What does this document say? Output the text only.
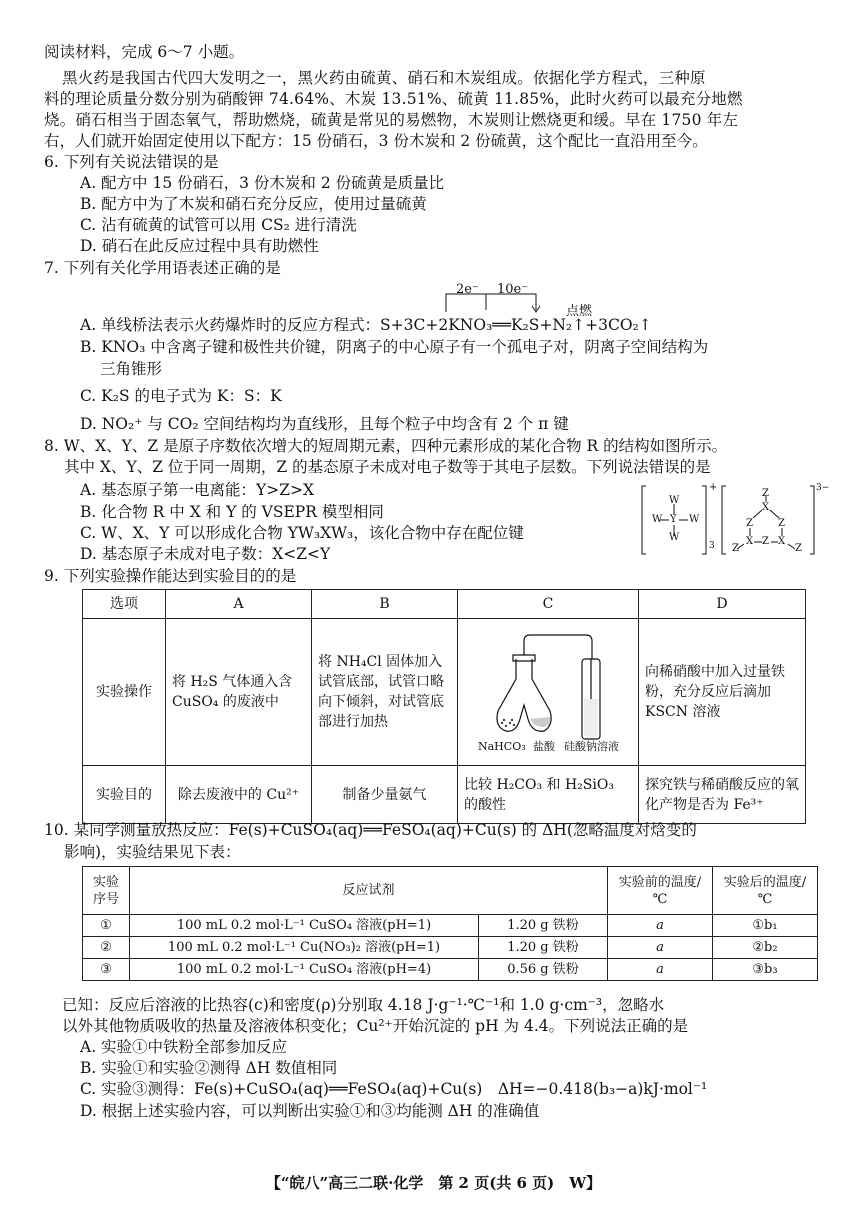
阅读材料，完成 6～7 小题。
黑火药是我国古代四大发明之一，黑火药由硫黄、硝石和木炭组成。依据化学方程式，三种原
料的理论质量分数分别为硝酸钾 74.64%、木炭 13.51%、硫黄 11.85%，此时火药可以最充分地燃
烧。硝石相当于固态氧气，帮助燃烧，硫黄是常见的易燃物，木炭则让燃烧更和缓。早在 1750 年左
右，人们就开始固定使用以下配方：15 份硝石，3 份木炭和 2 份硫黄，这个配比一直沿用至今。
6. 下列有关说法错误的是
A. 配方中 15 份硝石，3 份木炭和 2 份硫黄是质量比
B. 配方中为了木炭和硝石充分反应，使用过量硫黄
C. 沾有硫黄的试管可以用 CS₂ 进行清洗
D. 硝石在此反应过程中具有助燃性
7. 下列有关化学用语表述正确的是
2e⁻ 10e⁻
点燃
A. 单线桥法表示火药爆炸时的反应方程式：S+3C+2KNO₃══K₂S+N₂↑+3CO₂↑
B. KNO₃ 中含离子键和极性共价键，阴离子的中心原子有一个孤电子对，阴离子空间结构为
三角锥形
C. K₂S 的电子式为 K：S：K
D. NO₂⁺ 与 CO₂ 空间结构均为直线形，且每个粒子中均含有 2 个 π 键
8. W、X、Y、Z 是原子序数依次增大的短周期元素，四种元素形成的某化合物 R 的结构如图所示。
其中 X、Y、Z 位于同一周期，Z 的基态原子未成对电子数等于其电子层数。下列说法错误的是
A. 基态原子第一电离能：Y>Z>X
B. 化合物 R 中 X 和 Y 的 VSEPR 模型相同
C. W、X、Y 可以形成化合物 YW₃XW₃，该化合物中存在配位键
D. 基态原子未成对电子数：X<Z<Y
W
W Y W
W
+
3
Z
X
Z	Z
X Z X
Z	Z
3−
9. 下列实验操作能达到实验目的的是
选项	A	B	C	D
实验操作	将 H₂S 气体通入含 CuSO₄ 的废液中	将 NH₄Cl 固体加入试管底部，试管口略向下倾斜，对试管底部进行加热	NaHCO₃ 盐酸 硅酸钠溶液	向稀硝酸中加入过量铁粉，充分反应后滴加 KSCN 溶液
实验目的	除去废液中的 Cu²⁺	制备少量氨气	比较 H₂CO₃ 和 H₂SiO₃ 的酸性	探究铁与稀硝酸反应的氧化产物是否为 Fe³⁺
10. 某同学测量放热反应：Fe(s)+CuSO₄(aq)══FeSO₄(aq)+Cu(s) 的 ΔH(忽略温度对焓变的
影响)，实验结果见下表：
实验序号	反应试剂		实验前的温度/℃	实验后的温度/℃
①	100 mL 0.2 mol·L⁻¹ CuSO₄ 溶液(pH=1)	1.20 g 铁粉	a	①b₁
②	100 mL 0.2 mol·L⁻¹ Cu(NO₃)₂ 溶液(pH=1)	1.20 g 铁粉	a	②b₂
③	100 mL 0.2 mol·L⁻¹ CuSO₄ 溶液(pH=4)	0.56 g 铁粉	a	③b₃
已知：反应后溶液的比热容(c)和密度(ρ)分别取 4.18 J·g⁻¹·℃⁻¹和 1.0 g·cm⁻³，忽略水
以外其他物质吸收的热量及溶液体积变化；Cu²⁺开始沉淀的 pH 为 4.4。下列说法正确的是
A. 实验①中铁粉全部参加反应
B. 实验①和实验②测得 ΔH 数值相同
C. 实验③测得：Fe(s)+CuSO₄(aq)══FeSO₄(aq)+Cu(s)　ΔH=−0.418(b₃−a)kJ·mol⁻¹
D. 根据上述实验内容，可以判断出实验①和③均能测 ΔH 的准确值
【“皖八”高三二联·化学　第 2 页(共 6 页)　W】
